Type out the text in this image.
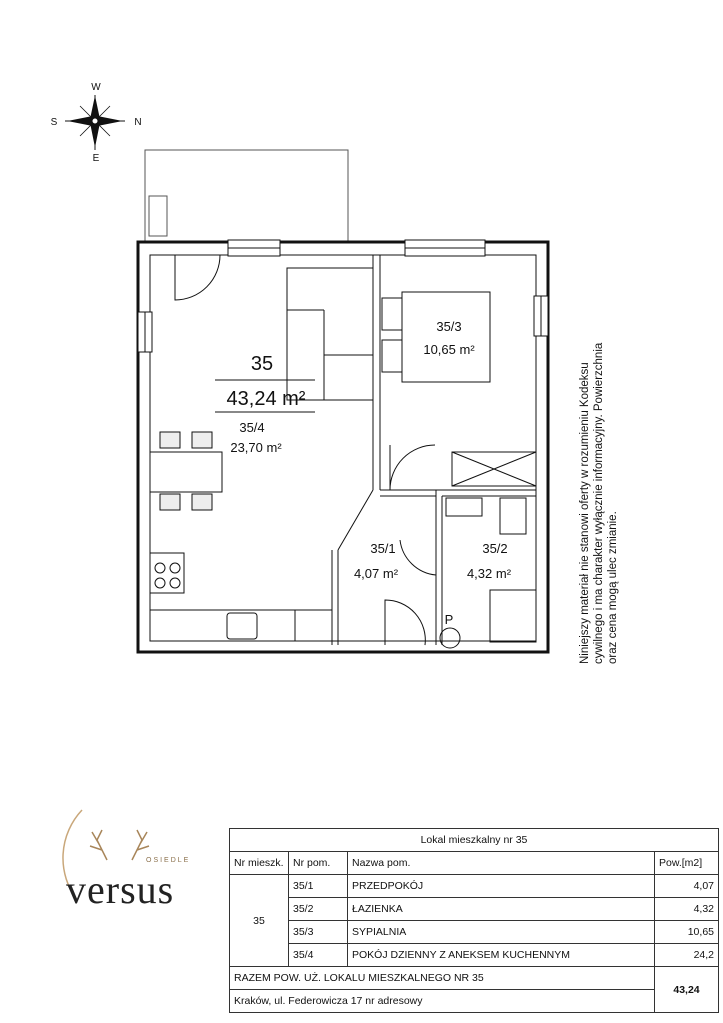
W
E
S	N
35
43,24 m²
35/4
23,70 m²
35/3
10,65 m²
35/1
4,07 m²
35/2
4,32 m²
P	Niniejszy materiał nie stanowi oferty w rozumieniu Kodeksu cywilnego i ma charakter wyłącznie informacyjny. Powierzchnia oraz cena mogą ulec zmianie.
OSIEDLE
versus
Lokal mieszkalny nr 35			
Nr mieszk.	Nr pom.	Nazwa pom.	Pow.[m2]
35	35/1	PRZEDPOKÓJ	4,07
	35/2	ŁAZIENKA	4,32
	35/3	SYPIALNIA	10,65
	35/4	POKÓJ DZIENNY Z ANEKSEM KUCHENNYM	24,2
RAZEM POW. UŻ. LOKALU MIESZKALNEGO NR 35			43,24
Kraków, ul. Federowicza 17 nr adresowy			
